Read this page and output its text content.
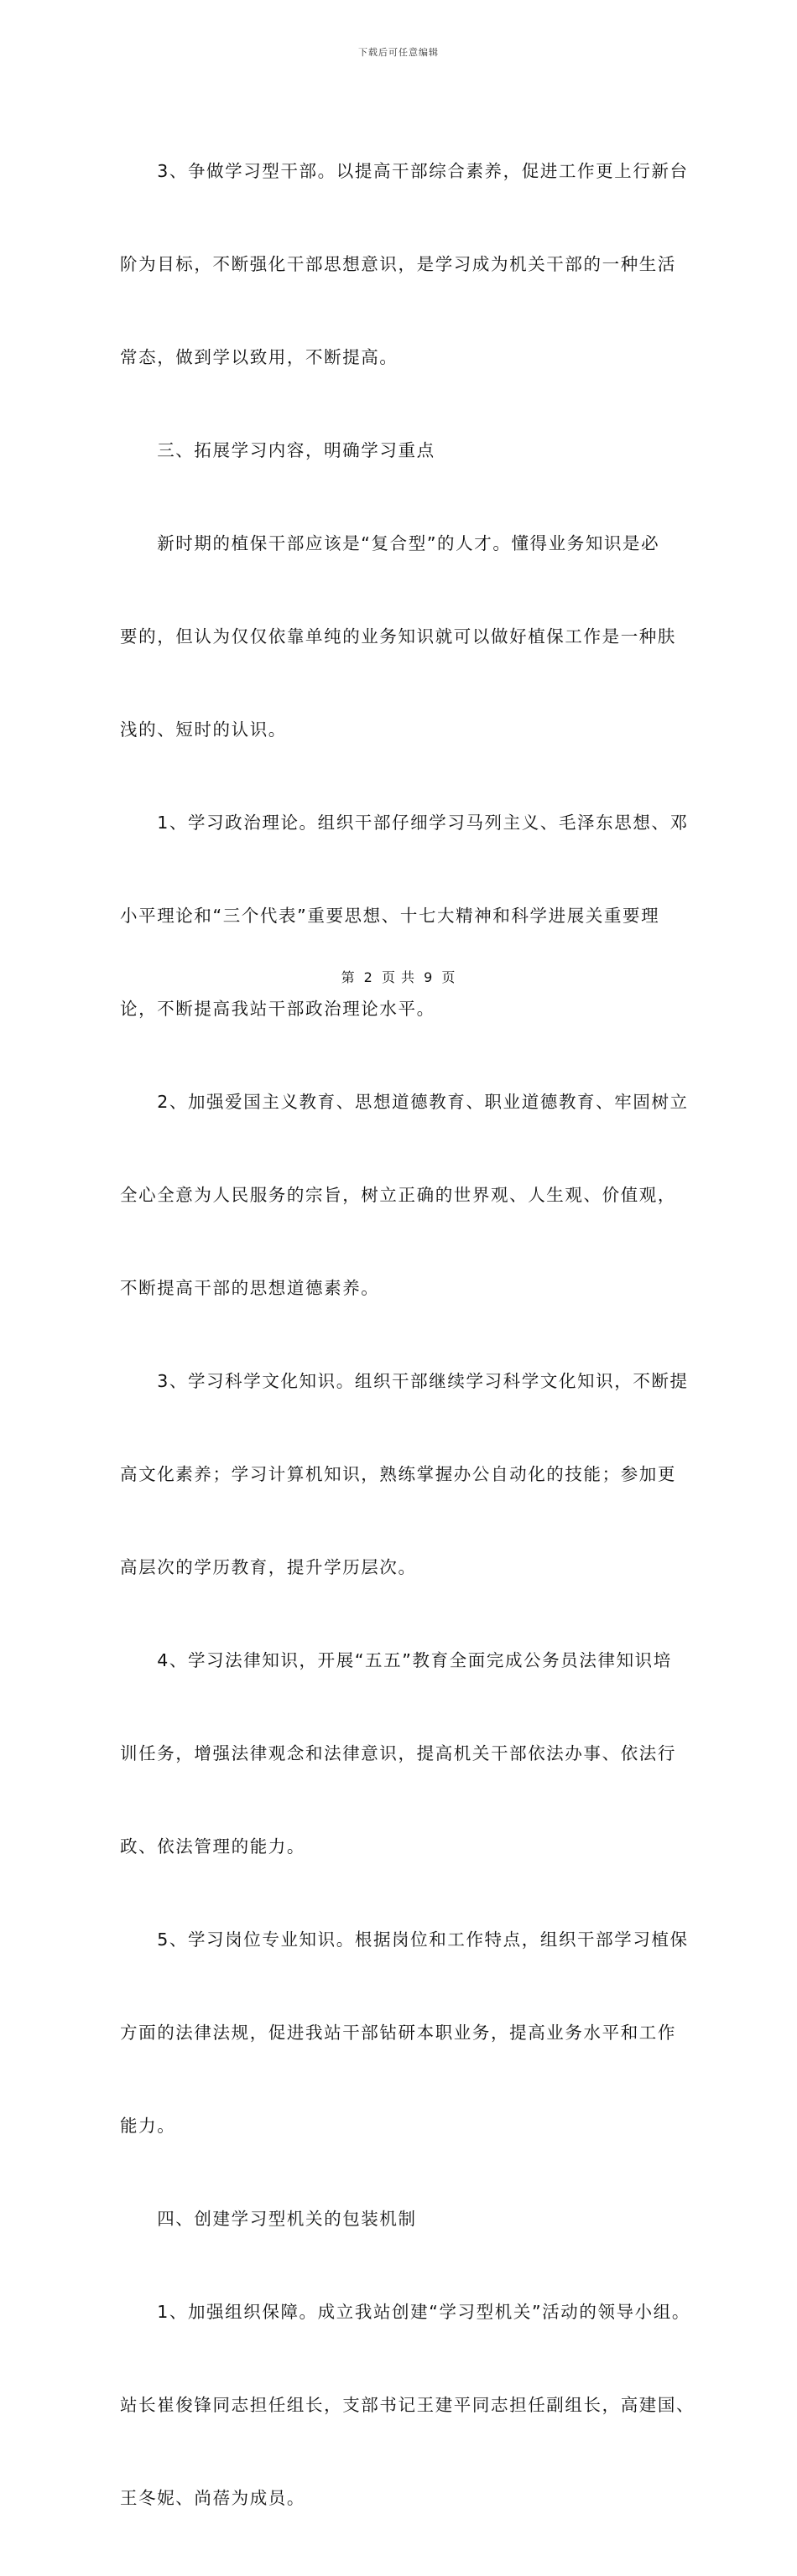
下载后可任意编辑

　　3、争做学习型干部。以提高干部综合素养，促进工作更上行新台

阶为目标，不断强化干部思想意识，是学习成为机关干部的一种生活

常态，做到学以致用，不断提高。

　　三、拓展学习内容，明确学习重点

　　新时期的植保干部应该是“复合型”的人才。懂得业务知识是必

要的，但认为仅仅依靠单纯的业务知识就可以做好植保工作是一种肤

浅的、短时的认识。

　　1、学习政治理论。组织干部仔细学习马列主义、毛泽东思想、邓

小平理论和“三个代表”重要思想、十七大精神和科学进展关重要理

论，不断提高我站干部政治理论水平。

　　2、加强爱国主义教育、思想道德教育、职业道德教育、牢固树立

全心全意为人民服务的宗旨，树立正确的世界观、人生观、价值观，

不断提高干部的思想道德素养。

　　3、学习科学文化知识。组织干部继续学习科学文化知识，不断提

高文化素养；学习计算机知识，熟练掌握办公自动化的技能；参加更

高层次的学历教育，提升学历层次。

　　4、学习法律知识，开展“五五”教育全面完成公务员法律知识培

训任务，增强法律观念和法律意识，提高机关干部依法办事、依法行

政、依法管理的能力。

　　5、学习岗位专业知识。根据岗位和工作特点，组织干部学习植保

方面的法律法规，促进我站干部钻研本职业务，提高业务水平和工作

能力。

　　四、创建学习型机关的包装机制

　　1、加强组织保障。成立我站创建“学习型机关”活动的领导小组。

站长崔俊锋同志担任组长，支部书记王建平同志担任副组长，高建国、

王冬妮、尚蓓为成员。

第 2 页 共 9 页
